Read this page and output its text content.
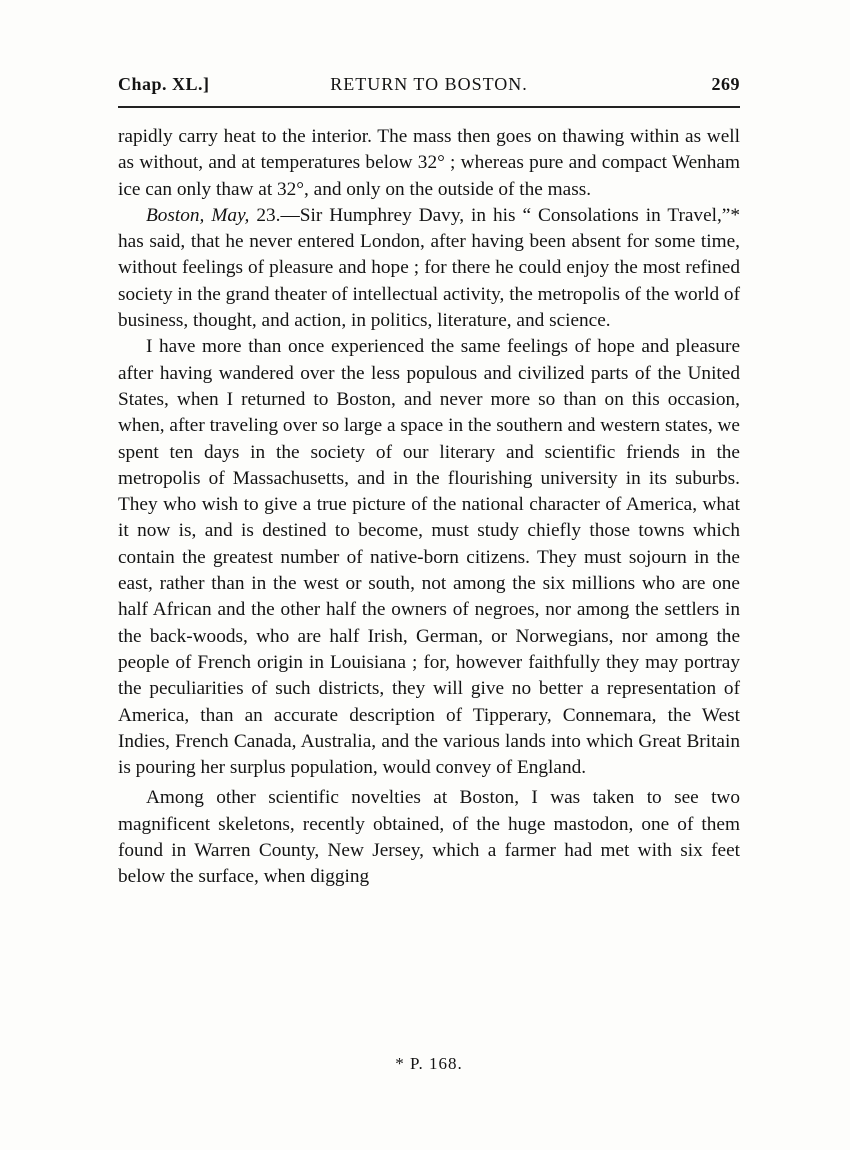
Chap. XL.]	RETURN TO BOSTON.	269

rapidly carry heat to the interior. The mass then goes on thawing within as well as without, and at temperatures below 32° ; whereas pure and compact Wenham ice can only thaw at 32°, and only on the outside of the mass.

Boston, May, 23.—Sir Humphrey Davy, in his “ Consolations in Travel,”* has said, that he never entered London, after having been absent for some time, without feelings of pleasure and hope ; for there he could enjoy the most refined society in the grand theater of intellectual activity, the metropolis of the world of business, thought, and action, in politics, literature, and science.

I have more than once experienced the same feelings of hope and pleasure after having wandered over the less populous and civilized parts of the United States, when I returned to Boston, and never more so than on this occasion, when, after traveling over so large a space in the southern and western states, we spent ten days in the society of our literary and scientific friends in the metropolis of Massachusetts, and in the flourishing university in its suburbs. They who wish to give a true picture of the national character of America, what it now is, and is destined to become, must study chiefly those towns which contain the greatest number of native-born citizens. They must sojourn in the east, rather than in the west or south, not among the six millions who are one half African and the other half the owners of negroes, nor among the settlers in the back-woods, who are half Irish, German, or Norwegians, nor among the people of French origin in Louisiana ; for, however faithfully they may portray the peculiarities of such districts, they will give no better a representation of America, than an accurate description of Tipperary, Connemara, the West Indies, French Canada, Australia, and the various lands into which Great Britain is pouring her surplus population, would convey of England.

Among other scientific novelties at Boston, I was taken to see two magnificent skeletons, recently obtained, of the huge mastodon, one of them found in Warren County, New Jersey, which a farmer had met with six feet below the surface, when digging

* P. 168.
